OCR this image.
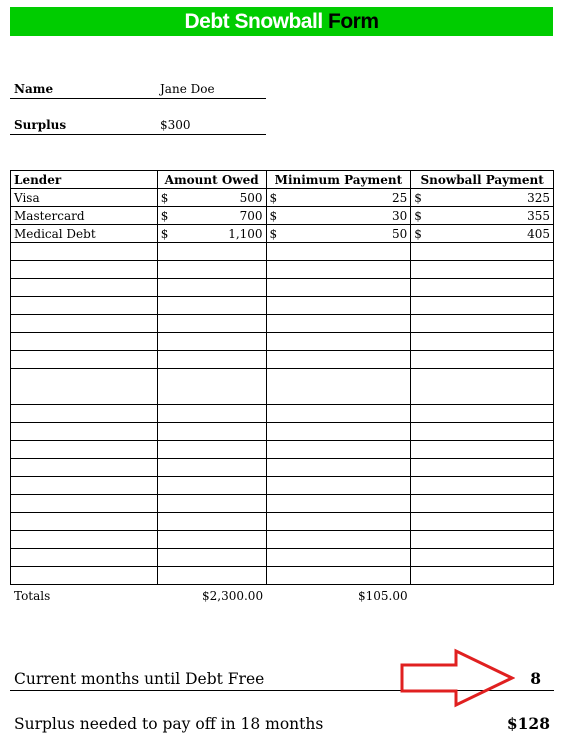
Debt Snowball Form
Name	Jane Doe
Surplus	$300
Lender	Amount Owed	Minimum Payment	Snowball Payment
Visa	$ 500	$ 25	$ 325

Mastercard	$ 700	$ 30	$ 355

Medical Debt	$ 1,100	$ 50	$ 405

Totals	$2,300.00	$105.00
Current months until Debt Free	8
Surplus needed to pay off in 18 months	$128
